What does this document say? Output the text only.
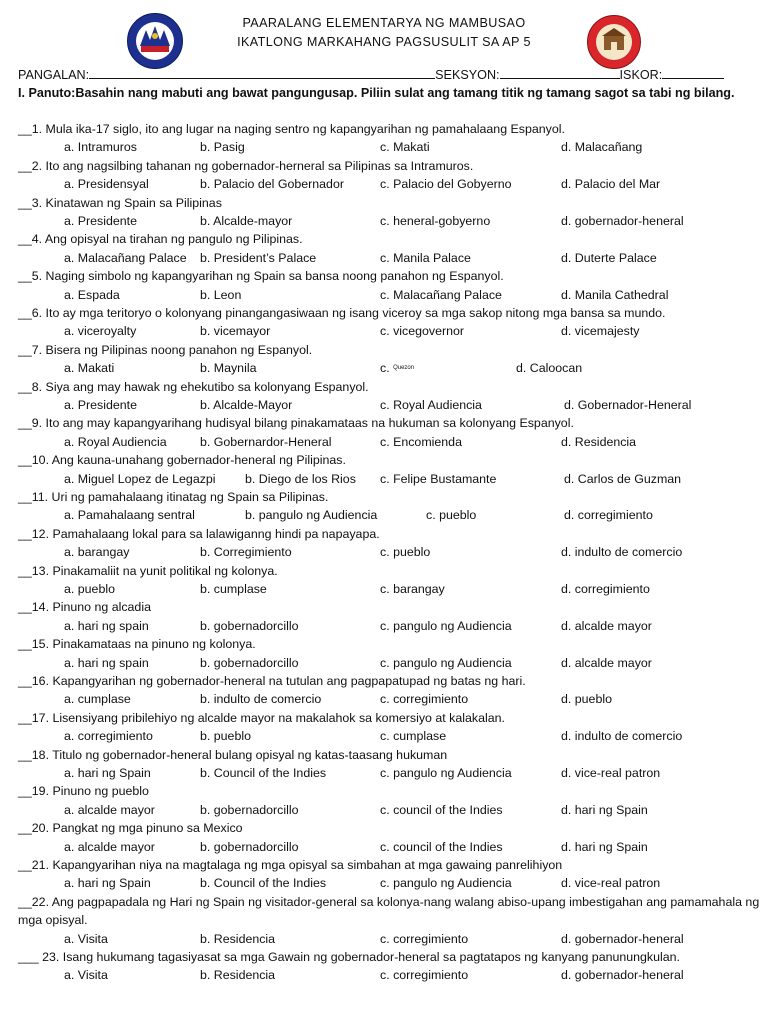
PAARALANG ELEMENTARYA NG MAMBUSAO
IKATLONG MARKAHANG PAGSUSULIT SA AP 5
PANGALAN:	SEKSYON:	ISKOR:
I. Panuto:Basahin nang mabuti ang bawat pangungusap. Piliin sulat ang tamang titik ng tamang sagot sa tabi ng bilang.
__1. Mula ika-17 siglo, ito ang lugar na naging sentro ng kapangyarihan ng pamahalaang Espanyol.
a. Intramuros	b. Pasig	c. Makati	d. Malacañang
__2. Ito ang nagsilbing tahanan ng gobernador-herneral sa Pilipinas sa Intramuros.
a. Presidensyal	b. Palacio del Gobernador	c. Palacio del Gobyerno	d. Palacio del Mar
__3. Kinatawan ng Spain sa Pilipinas
a. Presidente	b. Alcalde-mayor	c. heneral-gobyerno	d. gobernador-heneral
__4. Ang opisyal na tirahan ng pangulo ng Pilipinas.
a. Malacañang Palace b. President’s Palace	c. Manila Palace	d. Duterte Palace
__5. Naging simbolo ng kapangyarihan ng Spain sa bansa noong panahon ng Espanyol.
a. Espada	b. Leon	c. Malacañang Palace	d. Manila Cathedral
__6. Ito ay mga teritoryo o kolonyang pinangangasiwaan ng isang viceroy sa mga sakop nitong mga bansa sa mundo.
a. viceroyalty	b. vicemayor	c. vicegovernor	d. vicemajesty
__7. Bisera ng Pilipinas noong panahon ng Espanyol.
a. Makati	b. Maynila	c. $^{Quezon}$	d. Caloocan
__8. Siya ang may hawak ng ehekutibo sa kolonyang Espanyol.
a. Presidente	b. Alcalde-Mayor	c. Royal Audiencia	d. Gobernador-Heneral
__9. Ito ang may kapangyarihang hudisyal bilang pinakamataas na hukuman sa kolonyang Espanyol.
a. Royal Audiencia	b. Gobernardor-Heneral	c. Encomienda	d. Residencia
__10. Ang kauna-unahang gobernador-heneral ng Pilipinas.
a. Miguel Lopez de Legazpi b. Diego de los Rios c. Felipe Bustamante	d. Carlos de Guzman
__11. Uri ng pamahalaang itinatag ng Spain sa Pilipinas.
a. Pamahalaang sentral	b. pangulo ng Audiencia	c. pueblo	d. corregimiento
__12. Pamahalaang lokal para sa lalawiganng hindi pa napayapa.
a. barangay	b. Corregimiento	c. pueblo	d. indulto de comercio
__13. Pinakamaliit na yunit politikal ng kolonya.
a. pueblo	b. cumplase	c. barangay	d. corregimiento
__14. Pinuno ng alcadia
a. hari ng spain	b. gobernadorcillo	c. pangulo ng Audiencia	d. alcalde mayor
__15. Pinakamataas na pinuno ng kolonya.
a. hari ng spain	b. gobernadorcillo	c. pangulo ng Audiencia	d. alcalde mayor
__16. Kapangyarihan ng gobernador-heneral na tutulan ang pagpapatupad ng batas ng hari.
a. cumplase	b. indulto de comercio	c. corregimiento	d. pueblo
__17. Lisensiyang pribilehiyo ng alcalde mayor na makalahok sa komersiyo at kalakalan.
a. corregimiento	b. pueblo	c. cumplase	d. indulto de comercio
__18. Titulo ng gobernador-heneral bulang opisyal ng katas-taasang hukuman
a. hari ng Spain	b. Council of the Indies	c. pangulo ng Audiencia	d. vice-real patron
__19. Pinuno ng pueblo
a. alcalde mayor	b. gobernadorcillo	c. council of the Indies	d. hari ng Spain
__20. Pangkat ng mga pinuno sa Mexico
a. alcalde mayor	b. gobernadorcillo	c. council of the Indies	d. hari ng Spain
__21. Kapangyarihan niya na magtalaga ng mga opisyal sa simbahan at mga gawaing panrelihiyon
a. hari ng Spain	b. Council of the Indies	c. pangulo ng Audiencia	d. vice-real patron
__22. Ang pagpapadala ng Hari ng Spain ng visitador-general sa kolonya-nang walang abiso-upang imbestigahan ang pamamahala ng mga opisyal.
a. Visita	b. Residencia	c. corregimiento	d. gobernador-heneral
___ 23. Isang hukumang tagasiyasat sa mga Gawain ng gobernador-heneral sa pagtatapos ng kanyang panunungkulan.
a. Visita	b. Residencia	c. corregimiento	d. gobernador-heneral
